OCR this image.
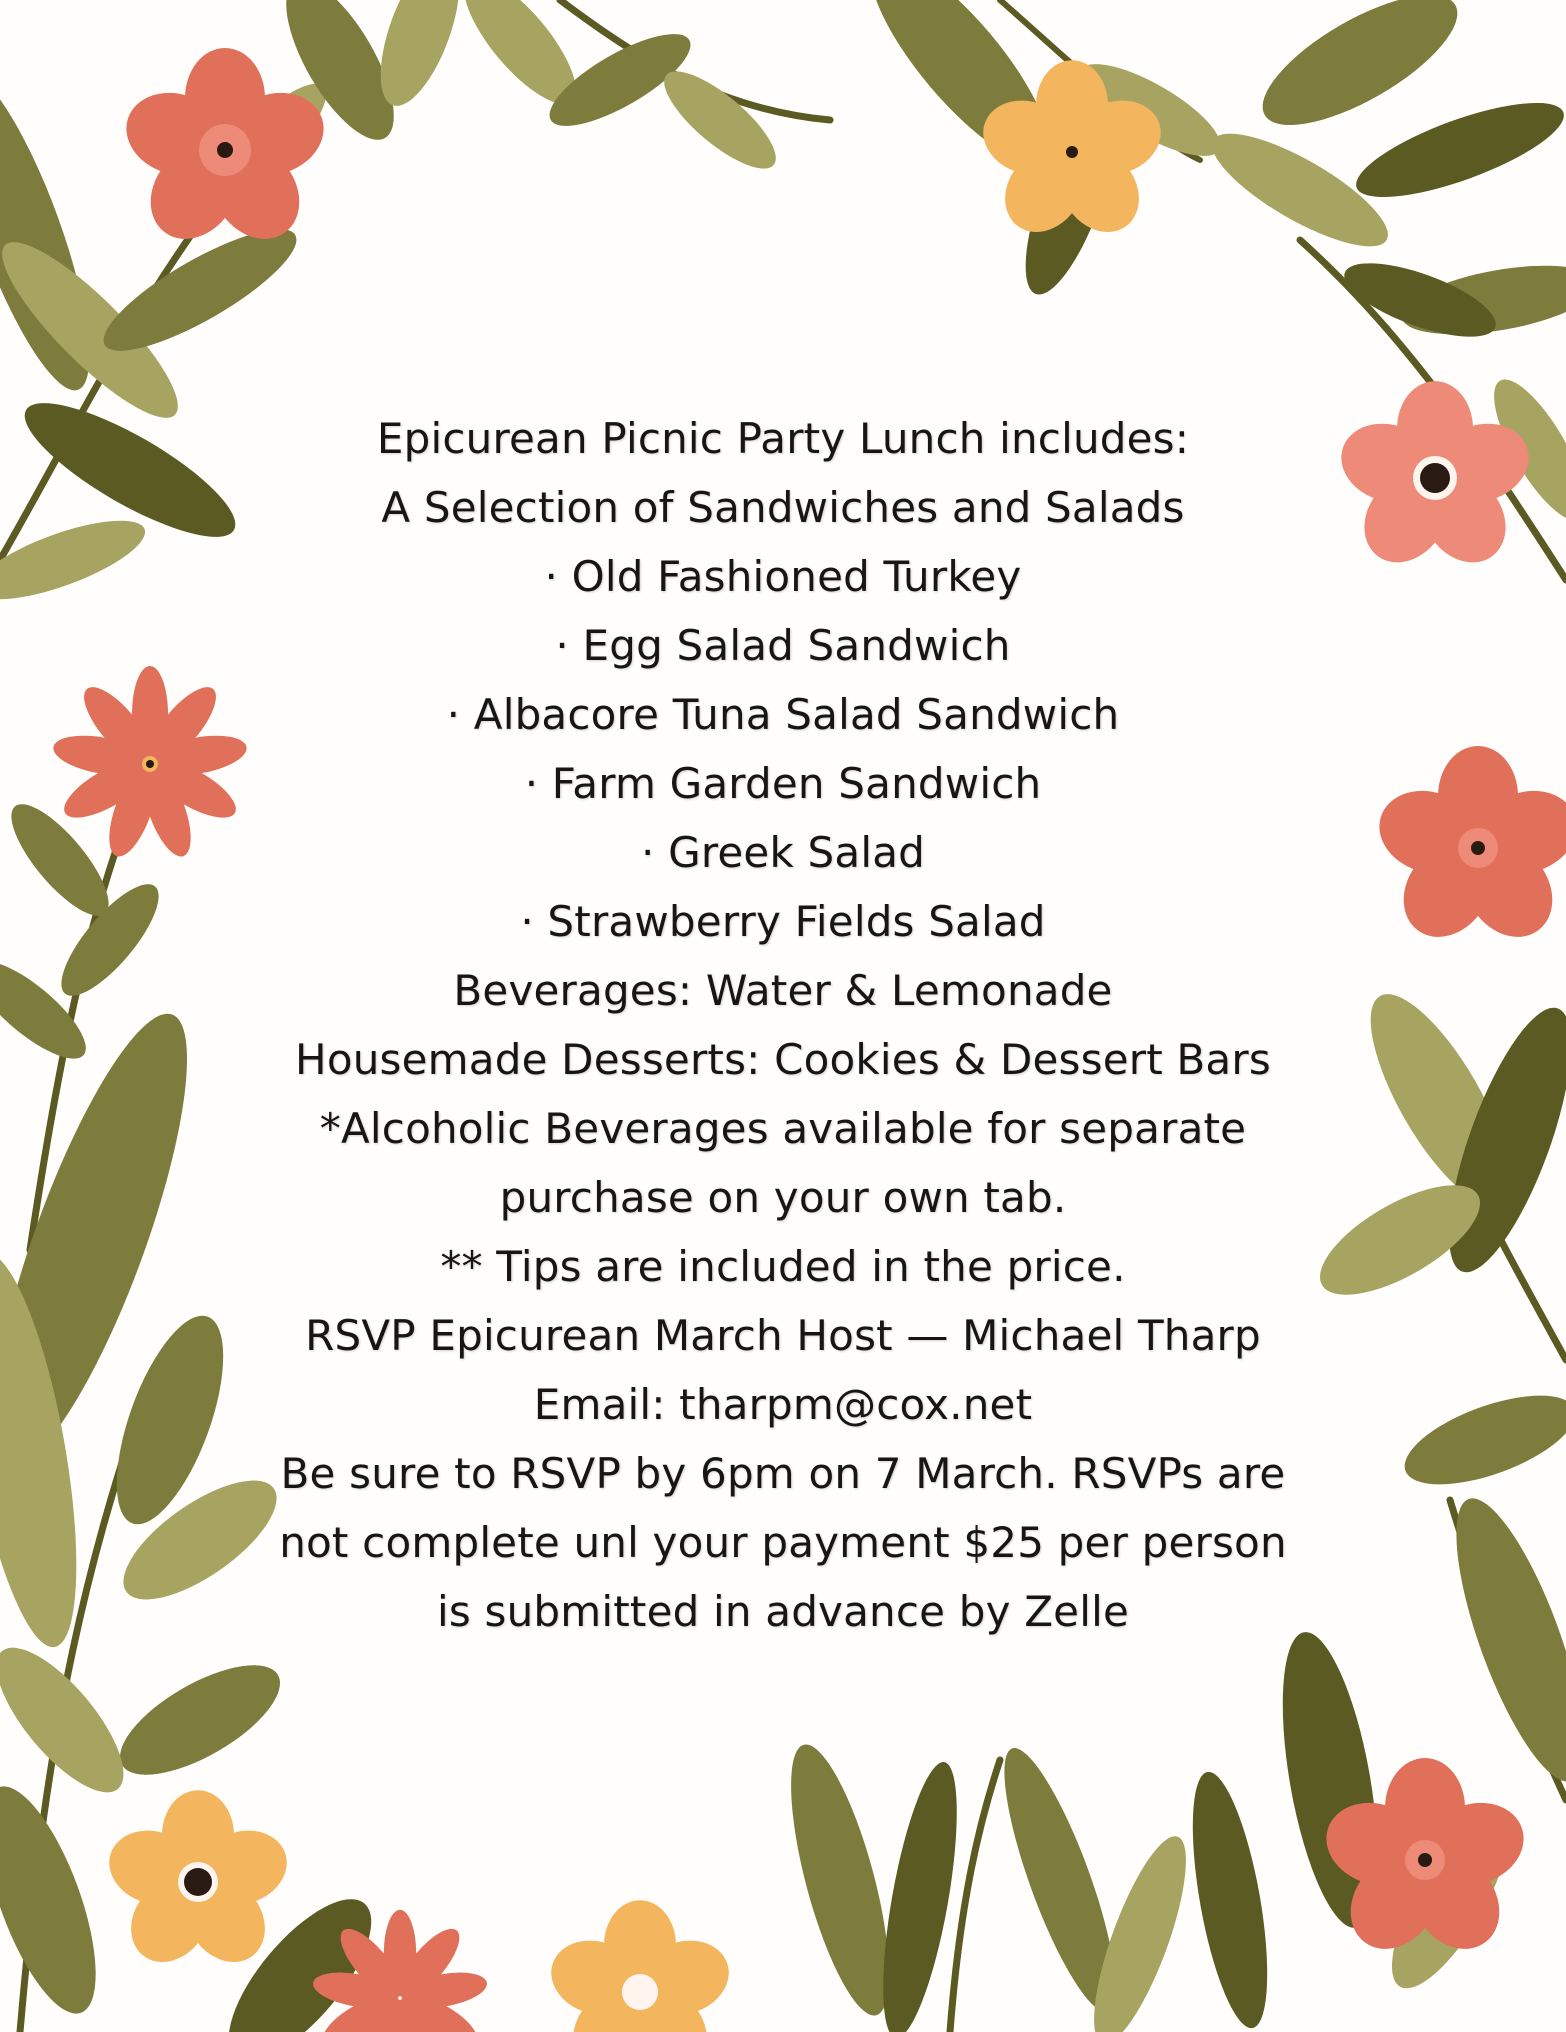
Epicurean Picnic Party Lunch includes:
A Selection of Sandwiches and Salads
· Old Fashioned Turkey
· Egg Salad Sandwich
· Albacore Tuna Salad Sandwich
· Farm Garden Sandwich
· Greek Salad
· Strawberry Fields Salad
Beverages: Water & Lemonade
Housemade Desserts: Cookies & Dessert Bars
*Alcoholic Beverages available for separate
purchase on your own tab.
** Tips are included in the price.
RSVP Epicurean March Host — Michael Tharp
Email: tharpm@cox.net
Be sure to RSVP by 6pm on 7 March. RSVPs are
not complete unl your payment $25 per person
is submitted in advance by Zelle
